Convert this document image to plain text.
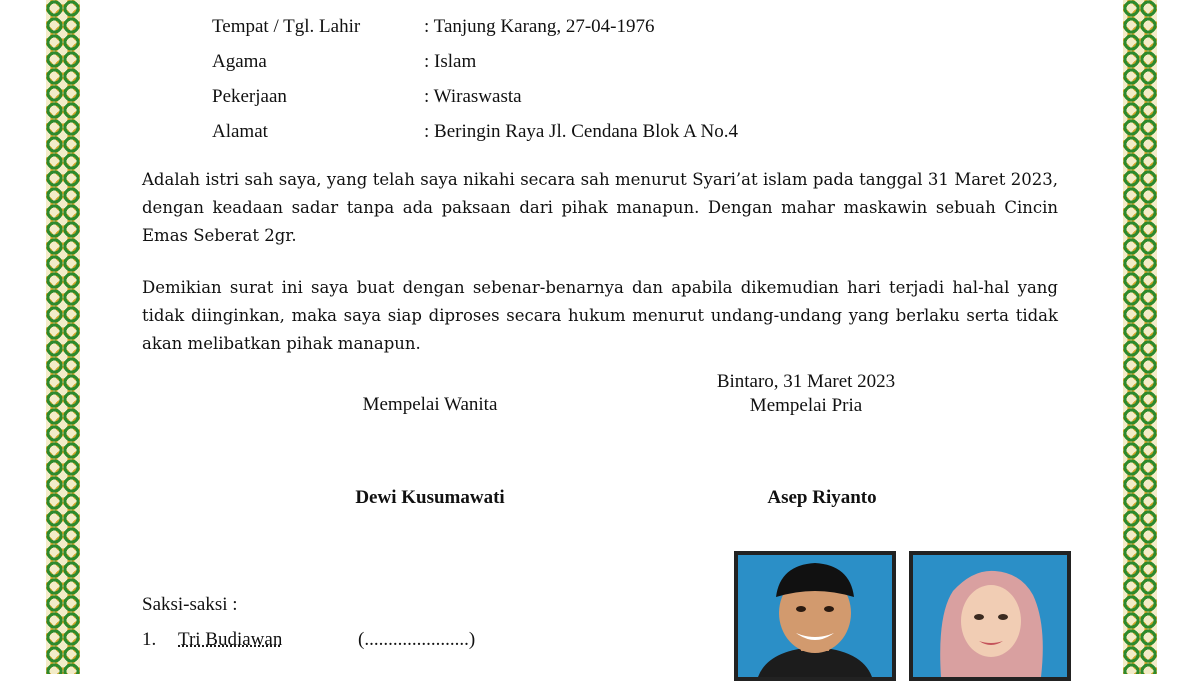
Tempat / Tgl. Lahir	: Tanjung Karang, 27-04-1976
Agama	: Islam
Pekerjaan	: Wiraswasta
Alamat	: Beringin Raya Jl. Cendana Blok A No.4

Adalah istri sah saya, yang telah saya nikahi secara sah menurut Syari’at islam pada tanggal 31 Maret 2023, dengan keadaan sadar tanpa ada paksaan dari pihak manapun. Dengan mahar maskawin sebuah Cincin Emas Seberat 2gr.

Demikian surat ini saya buat dengan sebenar-benarnya dan apabila dikemudian hari terjadi hal-hal yang tidak diinginkan, maka saya siap diproses secara hukum menurut undang-undang yang berlaku serta tidak akan melibatkan pihak manapun.

Bintaro, 31 Maret 2023
Mempelai Wanita	Mempelai Pria
Dewi Kusumawati	Asep Riyanto
Saksi-saksi :
1. Tri Budiawan	(......................)
